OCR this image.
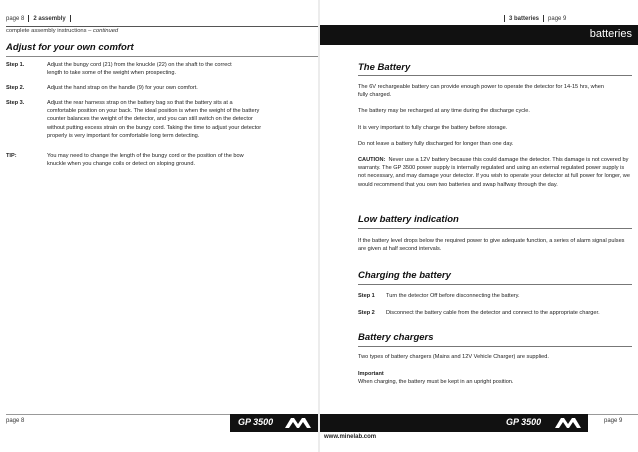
page 8 2 assembly
complete assembly instructions – continued
Adjust for your own comfort
Step 1.	Adjust the bungy cord (21) from the knuckle (22) on the shaft to the correct length to take some of the weight when prospecting.
Step 2.	Adjust the hand strap on the handle (9) for your own comfort.
Step 3.	Adjust the rear harness strap on the battery bag so that the battery sits at a comfortable position on your back. The ideal position is when the weight of the battery counter balances the weight of the detector, and you can still switch on the detector without putting excess strain on the bungy cord. Taking the time to adjust your detector properly is very important for comfortable long term detecting.
TIP:	You may need to change the length of the bungy cord or the position of the bow knuckle when you change coils or detect on sloping ground.
page 8	GP 3500
3 batteries page 9
batteries
The Battery
The 6V rechargeable battery can provide enough power to operate the detector for 14-15 hrs, when fully charged.
The battery may be recharged at any time during the discharge cycle.
It is very important to fully charge the battery before storage.
Do not leave a battery fully discharged for longer than one day.
CAUTION: Never use a 12V battery because this could damage the detector. This damage is not covered by warranty. The GP 3500 power supply is internally regulated and using an external regulated power supply is not necessary, and may damage your detector. If you wish to operate your detector at full power for longer, we would recommend that you own two batteries and swap halfway through the day.
Low battery indication
If the battery level drops below the required power to give adequate function, a series of alarm signal pulses are given at half second intervals.
Charging the battery
Step 1 Turn the detector Off before disconnecting the battery.
Step 2 Disconnect the battery cable from the detector and connect to the appropriate charger.
Battery chargers
Two types of battery chargers (Mains and 12V Vehicle Charger) are supplied.
Important
When charging, the battery must be kept in an upright position.
GP 3500	page 9
www.minelab.com
